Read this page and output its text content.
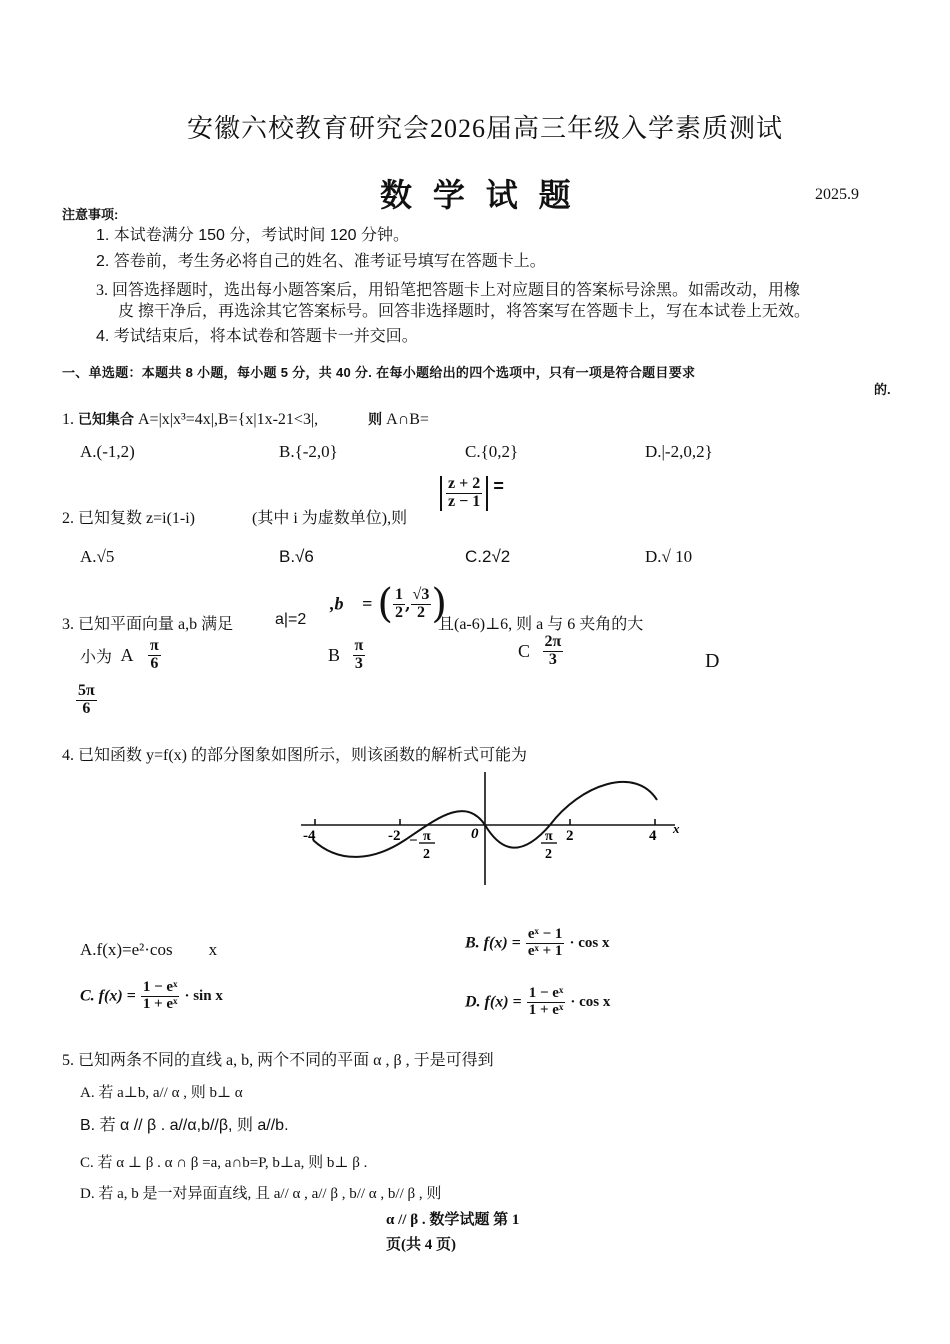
安徽六校教育研究会2026届高三年级入学素质测试
数 学 试 题	2025.9
注意事项:
1. 本试卷满分 150 分，考试时间 120 分钟。
2. 答卷前，考生务必将自己的姓名、准考证号填写在答题卡上。
3. 回答选择题时，选出每小题答案后，用铅笔把答题卡上对应题目的答案标号涂黑。如需改动，用橡
皮 擦干净后，再选涂其它答案标号。回答非选择题时，将答案写在答题卡上，写在本试卷上无效。
4. 考试结束后，将本试卷和答题卡一并交回。
一、单选题：本题共 8 小题，每小题 5 分，共 40 分. 在每小题给出的四个选项中，只有一项是符合题目要求
的.
1. 已知集合 A=|x|x³=4x|,B={x|1x-21<3|,	则 A∩B=
A.(-1,2)	B.{-2,0}	C.{0,2}	D.|-2,0,2}
2. 已知复数 z=i(1-i)	(其中 i 为虚数单位),则
$\frac{z + 2}{z - 1}$ =
A.√5	B.√6	C.2√2	D.√ 10
3. 已知平面向量 a,b 满足	a|=2
,b⃗ = ( $\frac{1}{2}$ , $\frac{√3}{2}$ )
且(a-6)⊥6, 则 a 与 6 夹角的大
小为 A $\frac{\pi}{6}$	B $\frac{\pi}{3}$	C $\frac{2\pi}{3}$	D
$\frac{5\pi}{6}$
4. 已知函数 y=f(x) 的部分图象如图所示，则该函数的解析式可能为
-4	-2	0	2	4 x
− π
2
π
2
A.f(x)=e²·cos x	B. $f(x) = \frac{\text{eˣ − 1}}{\text{eˣ + 1}} \cdot \cos x$
C. $f(x) = \frac{\text{1 − eˣ}}{\text{1 + eˣ}} \cdot \sin x$	D. $f(x) = \frac{\text{1 − eˣ}}{\text{1 + eˣ}} \cdot \cos x$
5. 已知两条不同的直线 a, b, 两个不同的平面 α , β , 于是可得到
A. 若 a⊥b, a// α , 则 b⊥ α
B. 若 α // β . a//α,b//β, 则 a//b.
C. 若 α ⊥ β . α ∩ β =a, a∩b=P, b⊥a, 则 b⊥ β .
D. 若 a, b 是一对异面直线, 且 a// α , a// β , b// α , b// β , 则
α // β . 数学试题 第 1
页(共 4 页)
